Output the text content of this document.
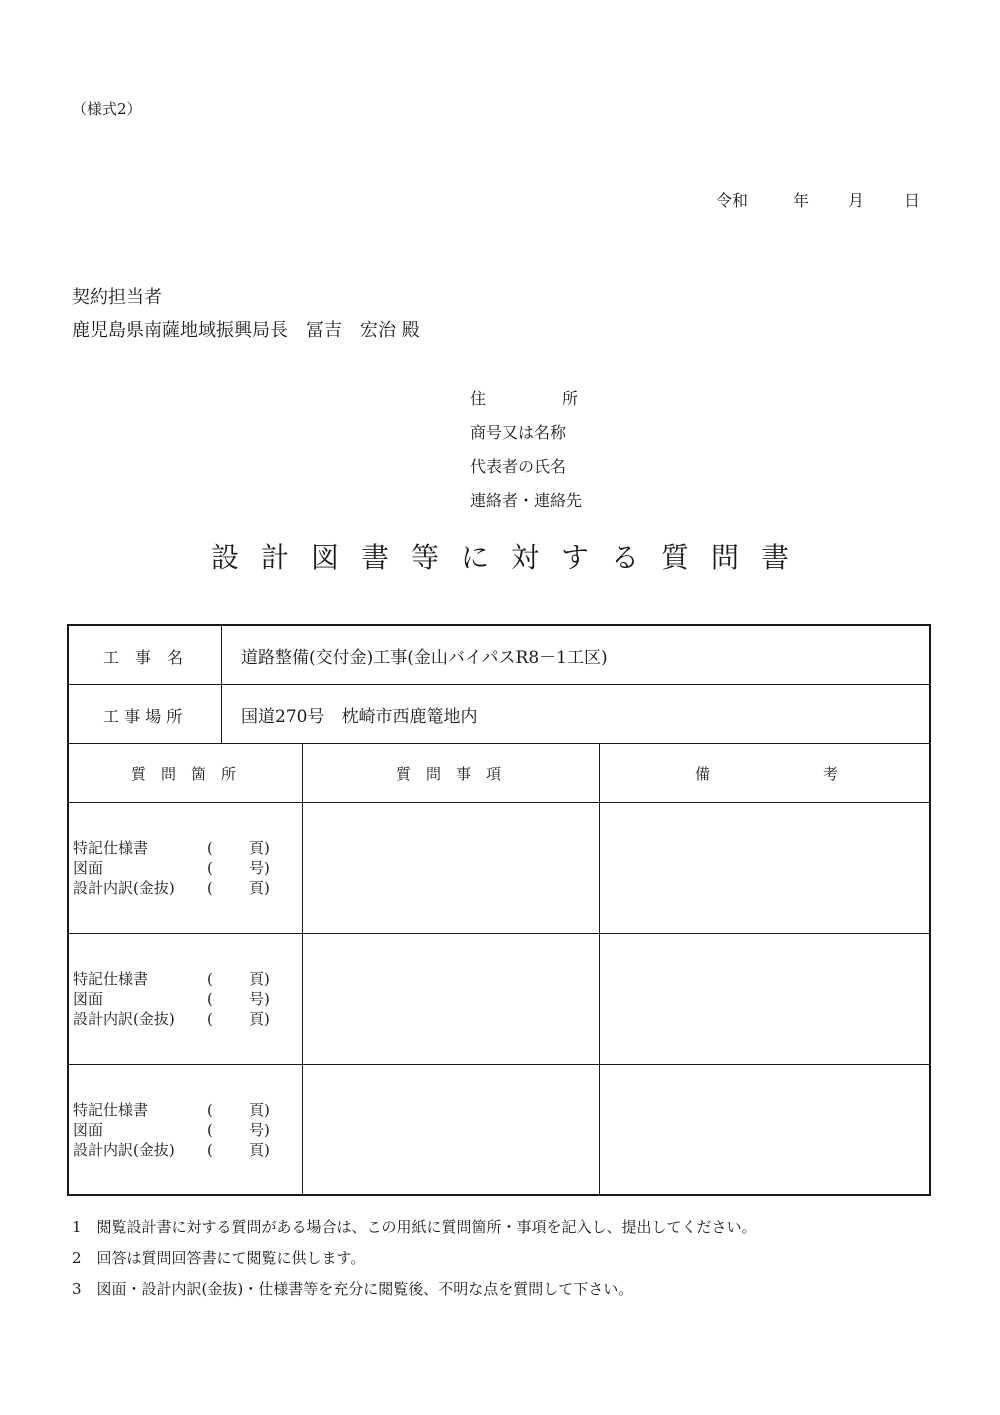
（様式2）
令和	年 月 日
契約担当者
鹿児島県南薩地域振興局長　冨吉　宏治 殿
住	所
商号又は名称
代表者の氏名
連絡者・連絡先
設計図書等に対する質問書
工　事　名	道路整備(交付金)工事(金山バイパスR8－1工区)
工 事 場 所	国道270号　枕崎市西鹿篭地内
質　問　箇　所	質　問　事　項	備	考
特記仕様書	( 頁)
図面	( 号)
設計内訳(金抜) ( 頁)
特記仕様書	( 頁)
図面	( 号)
設計内訳(金抜) ( 頁)
特記仕様書	( 頁)
図面	( 号)
設計内訳(金抜) ( 頁)
1　閲覧設計書に対する質問がある場合は、この用紙に質問箇所・事項を記入し、提出してください。
2　回答は質問回答書にて閲覧に供します。
3　図面・設計内訳(金抜)・仕様書等を充分に閲覧後、不明な点を質問して下さい。
